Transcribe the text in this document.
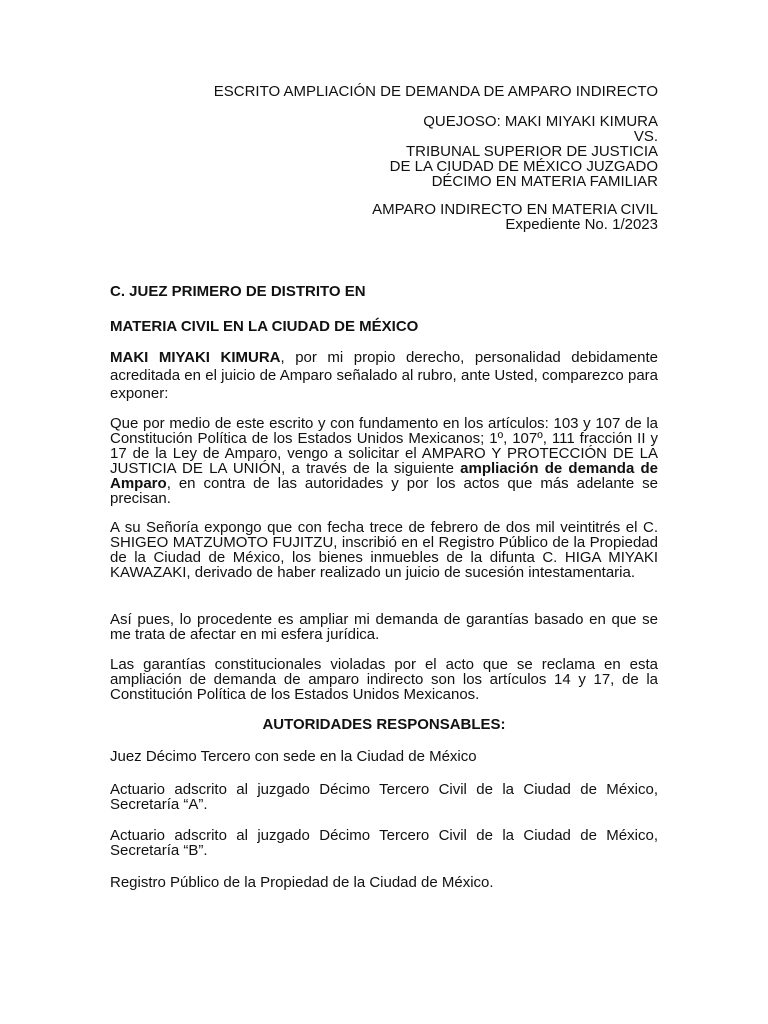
ESCRITO AMPLIACIÓN DE DEMANDA DE AMPARO INDIRECTO
QUEJOSO: MAKI MIYAKI KIMURA
VS.
TRIBUNAL SUPERIOR DE JUSTICIA
DE LA CIUDAD DE MÉXICO JUZGADO
DÉCIMO EN MATERIA FAMILIAR
AMPARO INDIRECTO EN MATERIA CIVIL
Expediente No. 1/2023
C. JUEZ PRIMERO DE DISTRITO EN
MATERIA CIVIL EN LA CIUDAD DE MÉXICO
MAKI MIYAKI KIMURA, por mi propio derecho, personalidad debidamente acreditada en el juicio de Amparo señalado al rubro, ante Usted, comparezco para exponer:
Que por medio de este escrito y con fundamento en los artículos: 103 y 107 de la Constitución Política de los Estados Unidos Mexicanos; 1º, 107º, 111 fracción II y 17 de la Ley de Amparo, vengo a solicitar el AMPARO Y PROTECCIÓN DE LA JUSTICIA DE LA UNIÓN, a través de la siguiente ampliación de demanda de Amparo, en contra de las autoridades y por los actos que más adelante se precisan.
A su Señoría expongo que con fecha trece de febrero de dos mil veintitrés el C. SHIGEO MATZUMOTO FUJITZU, inscribió en el Registro Público de la Propiedad de la Ciudad de México, los bienes inmuebles de la difunta C. HIGA MIYAKI KAWAZAKI, derivado de haber realizado un juicio de sucesión intestamentaria.
Así pues, lo procedente es ampliar mi demanda de garantías basado en que se me trata de afectar en mi esfera jurídica.
Las garantías constitucionales violadas por el acto que se reclama en esta ampliación de demanda de amparo indirecto son los artículos 14 y 17, de la Constitución Política de los Estados Unidos Mexicanos.
AUTORIDADES RESPONSABLES:
Juez Décimo Tercero con sede en la Ciudad de México
Actuario adscrito al juzgado Décimo Tercero Civil de la Ciudad de México, Secretaría “A”.
Actuario adscrito al juzgado Décimo Tercero Civil de la Ciudad de México, Secretaría “B”.
Registro Público de la Propiedad de la Ciudad de México.
